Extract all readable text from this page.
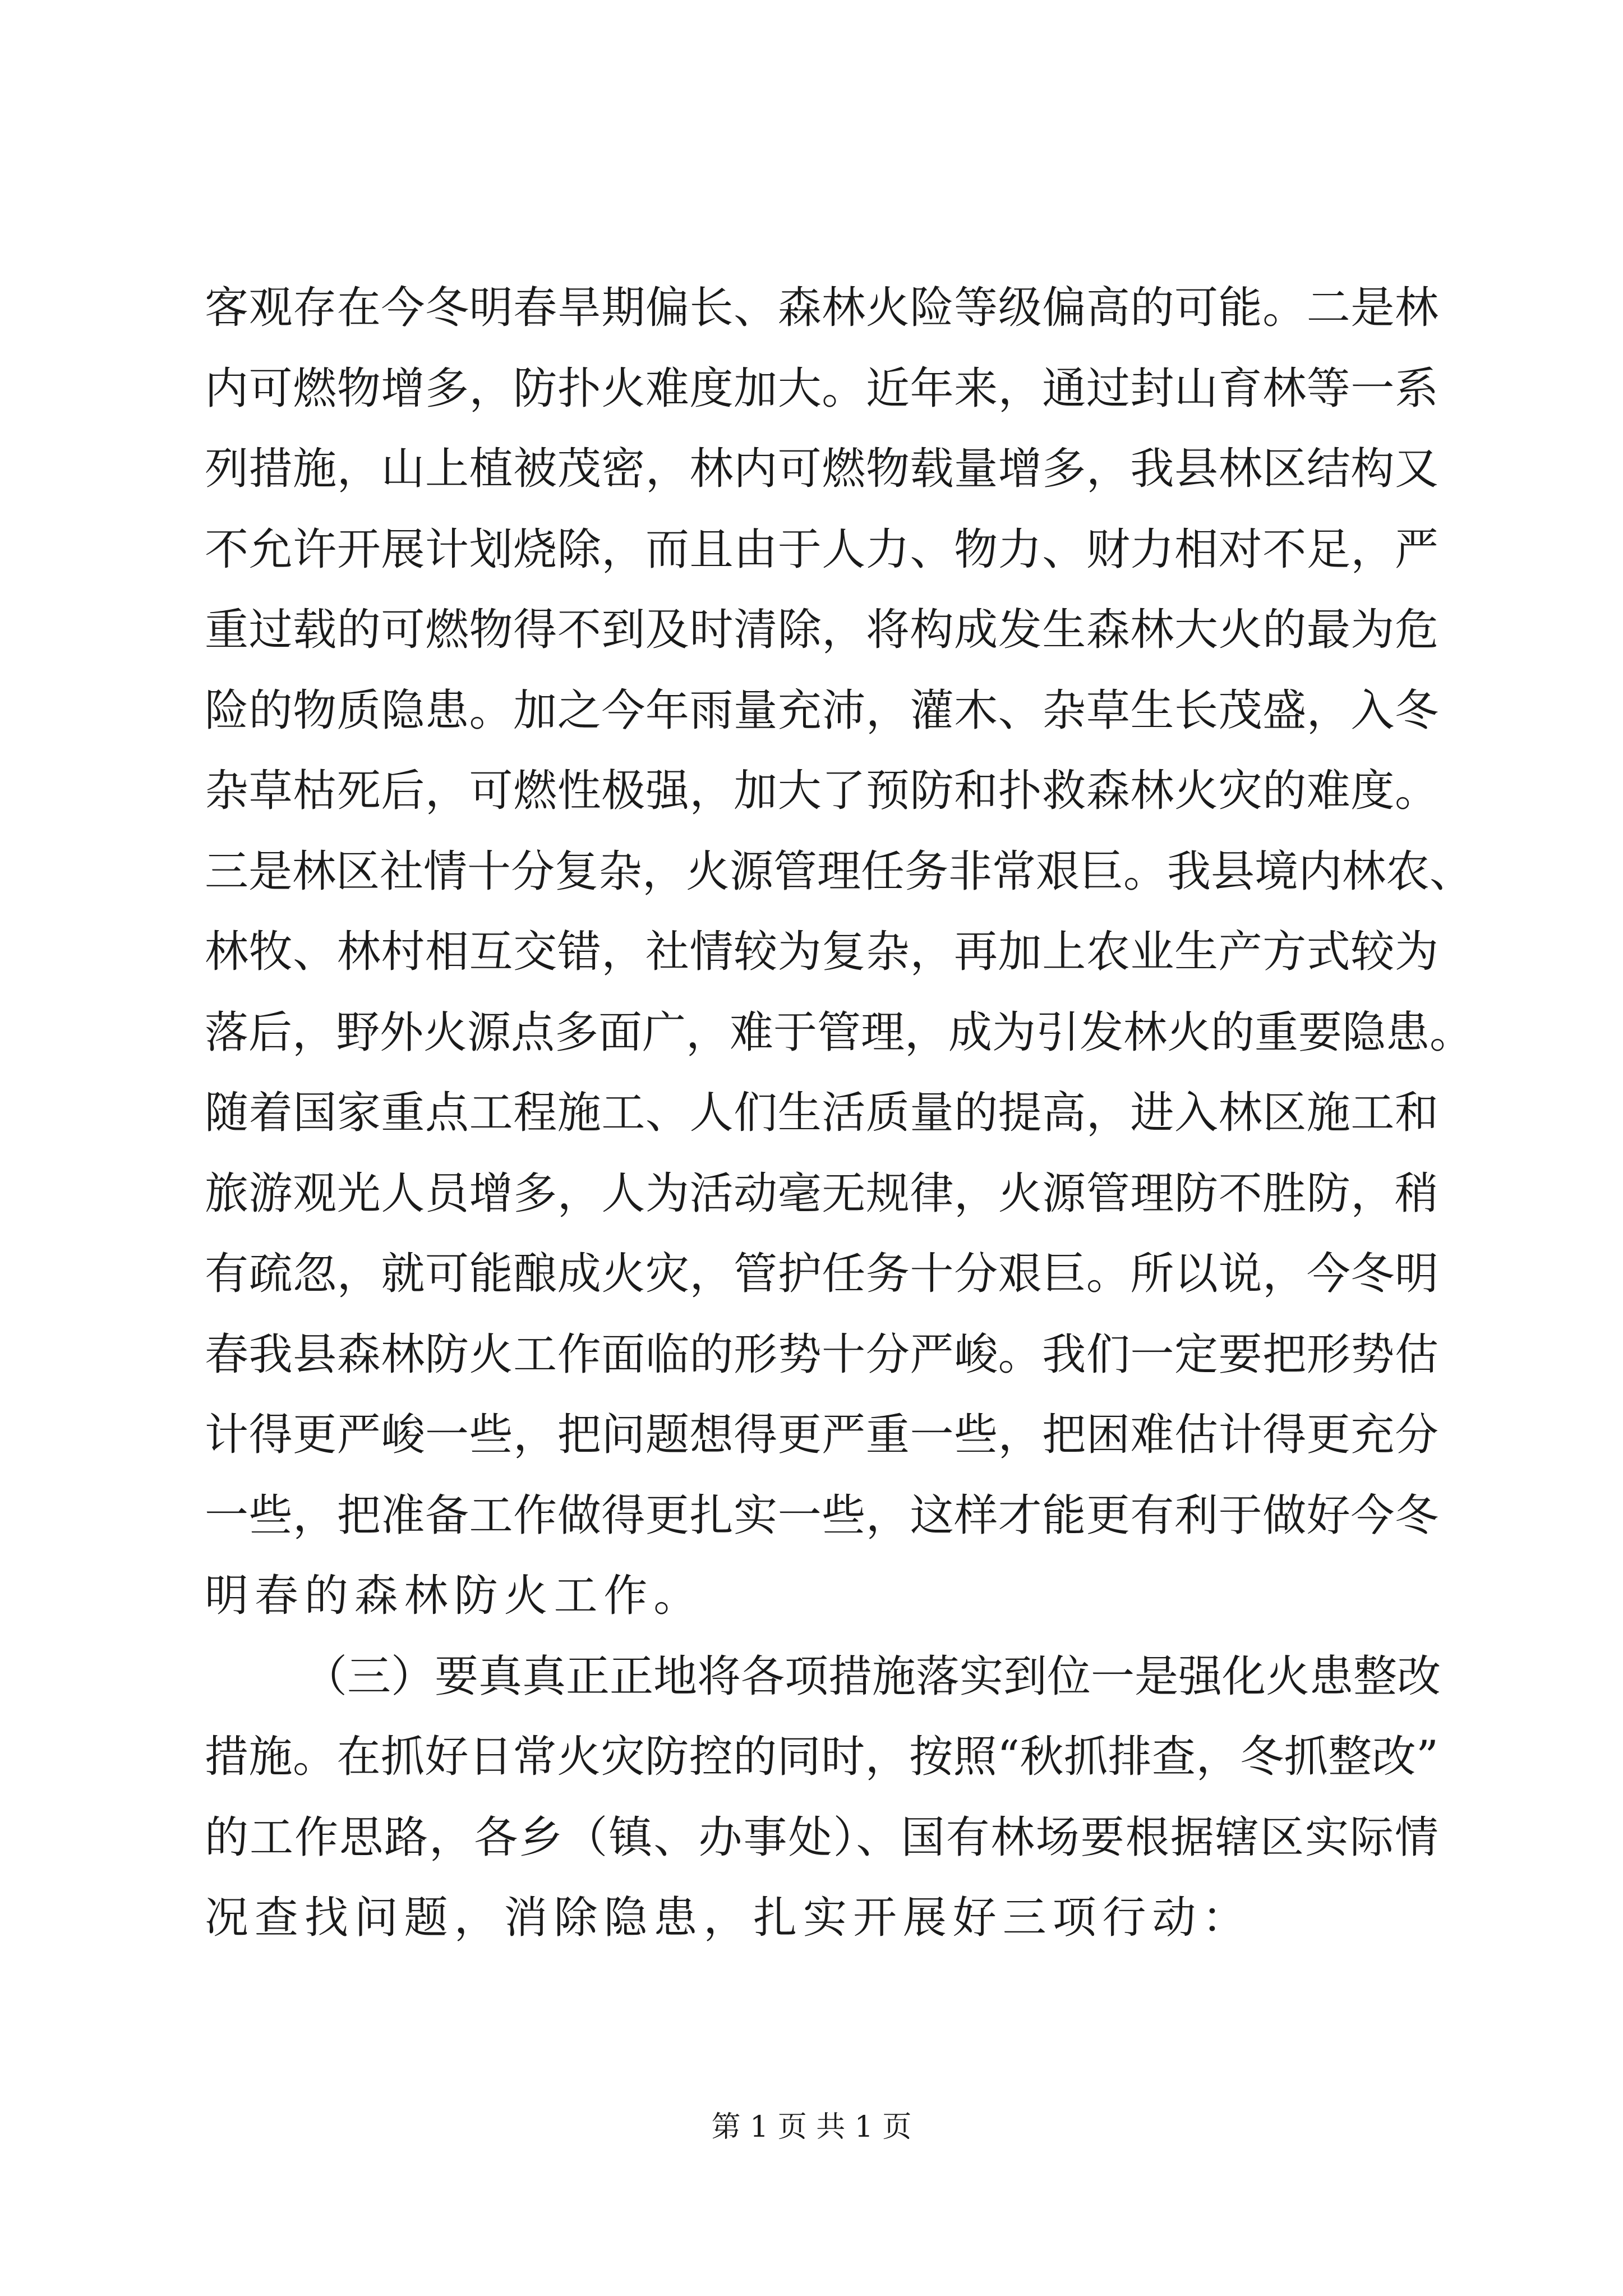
客观存在今冬明春旱期偏长、森林火险等级偏高的可能。二是林
内可燃物增多，防扑火难度加大。近年来，通过封山育林等一系
列措施，山上植被茂密，林内可燃物载量增多，我县林区结构又
不允许开展计划烧除，而且由于人力、物力、财力相对不足，严
重过载的可燃物得不到及时清除，将构成发生森林大火的最为危
险的物质隐患。加之今年雨量充沛，灌木、杂草生长茂盛，入冬
杂草枯死后，可燃性极强，加大了预防和扑救森林火灾的难度。
三是林区社情十分复杂，火源管理任务非常艰巨。我县境内林农、
林牧、林村相互交错，社情较为复杂，再加上农业生产方式较为
落后，野外火源点多面广，难于管理，成为引发林火的重要隐患。
随着国家重点工程施工、人们生活质量的提高，进入林区施工和
旅游观光人员增多，人为活动毫无规律，火源管理防不胜防，稍
有疏忽，就可能酿成火灾，管护任务十分艰巨。所以说，今冬明
春我县森林防火工作面临的形势十分严峻。我们一定要把形势估
计得更严峻一些，把问题想得更严重一些，把困难估计得更充分
一些，把准备工作做得更扎实一些，这样才能更有利于做好今冬
明春的森林防火工作。
（三）要真真正正地将各项措施落实到位一是强化火患整改
措施。在抓好日常火灾防控的同时，按照“秋抓排查，冬抓整改”
的工作思路，各乡（镇、办事处）、国有林场要根据辖区实际情
况查找问题，消除隐患，扎实开展好三项行动：
第 1 页 共 1 页
